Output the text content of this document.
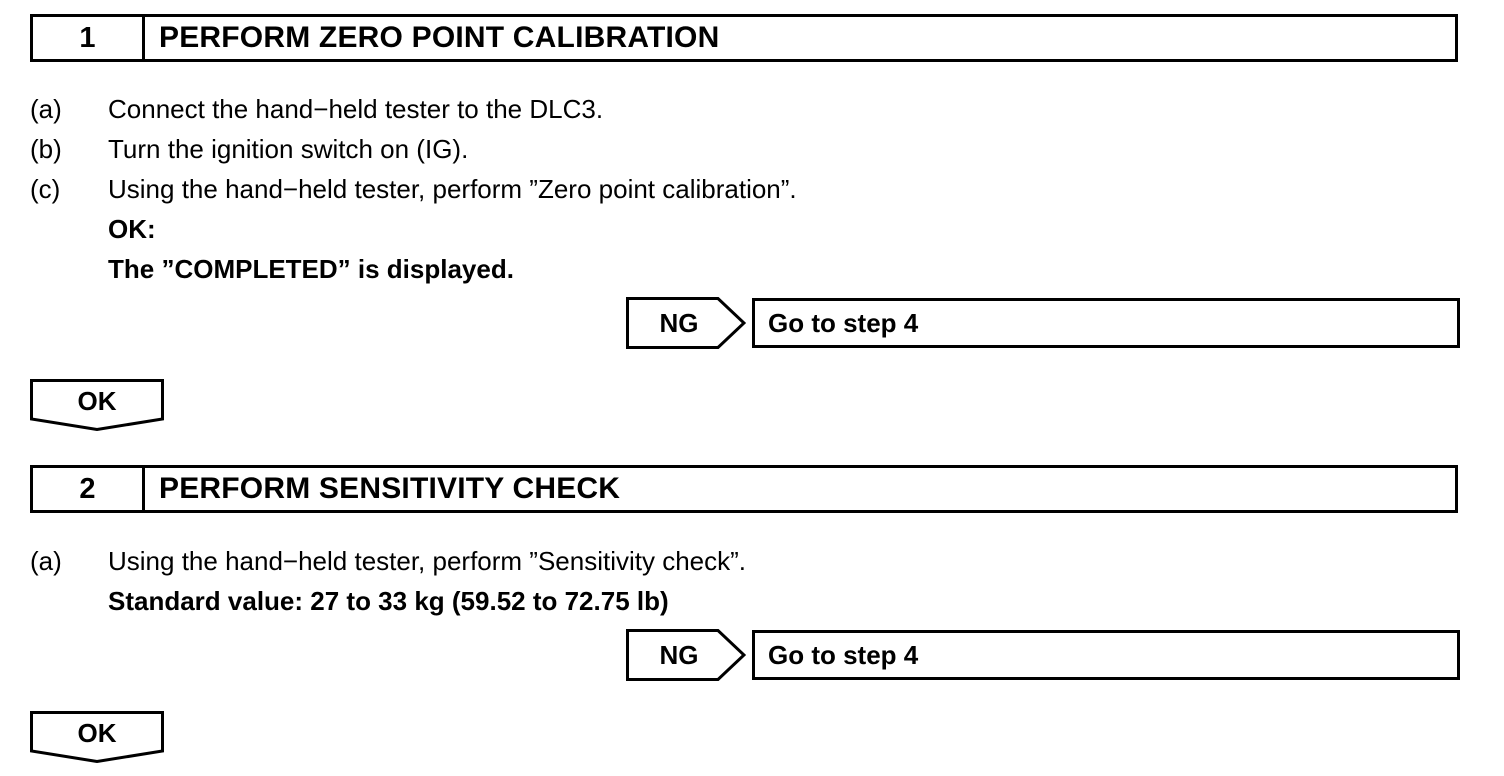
1	PERFORM ZERO POINT CALIBRATION
(a) Connect the hand−held tester to the DLC3.
(b) Turn the ignition switch on (IG).
(c) Using the hand−held tester, perform ”Zero point calibration”.
OK:
The ”COMPLETED” is displayed.
NG	Go to step 4
OK
2	PERFORM SENSITIVITY CHECK
(a) Using the hand−held tester, perform ”Sensitivity check”.
Standard value: 27 to 33 kg (59.52 to 72.75 lb)
NG	Go to step 4
OK
